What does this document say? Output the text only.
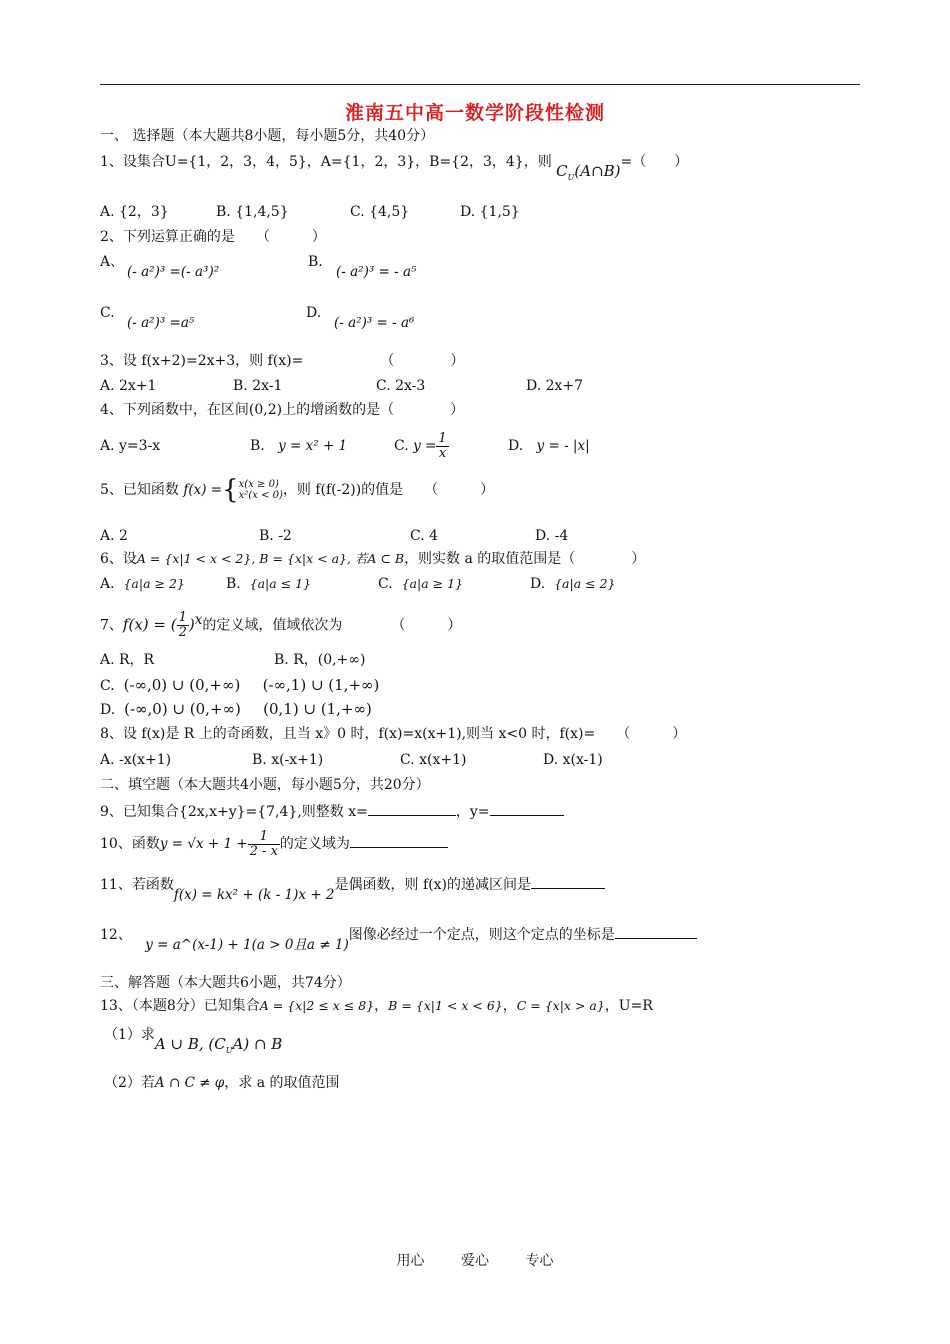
淮南五中高一数学阶段性检测
一、 选择题（本大题共8小题，每小题5分，共40分）
1、设集合U={1，2，3，4，5}，A={1，2，3}，B={2，3，4}，则 $C_U(A\cap B)=$（　　）
A. {2，3}	B. {1,4,5}	C. {4,5}	D. {1,5}
2、下列运算正确的是　　（　　　）
A、
(- a²)³ =(- a³)²
B.
(- a²)³ = - a⁵
C.
(- a²)³ =a⁵
D.
(- a²)³ = - a⁶
3、设 f(x+2)=2x+3，则 f(x)=　　　　　　（　　　　）
A. 2x+1	B. 2x-1	C. 2x-3	D. 2x+7
4、下列函数中，在区间(0,2)上的增函数的是（　　　　）
A. y=3-x	B. y = x² + 1	C. $y = \frac{1}{x}$	D. y = - |x|
5、已知函数 f(x) ={ x(x ≥ 0)
x²(x < 0) ，则 f(f(-2))的值是　　（　　　）
A. 2	B. -2	C. 4	D. -4
6、设A = {x|1 < x < 2}, B = {x|x < a}, 若A ⊂ B，则实数 a 的取值范围是（　　　　）
A. {a|a ≥ 2}	B. {a|a ≤ 1}	C. {a|a ≥ 1}	D. {a|a ≤ 2}
7、f(x) = ( $\frac{1}{2} )^x$的定义域，值域依次为　　　　（　　　）
A. R，R	B. R，(0,+∞)
C. (-∞,0) ∪ (0,+∞) (-∞,1) ∪ (1,+∞)
D. (-∞,0) ∪ (0,+∞) (0,1) ∪ (1,+∞)
8、设 f(x)是 R 上的奇函数，且当 x》0 时，f(x)=x(x+1),则当 x<0 时，f(x)=　　（　　　）
A. -x(x+1)	B. x(-x+1)	C. x(x+1)	D. x(x-1)
二、填空题（本大题共4小题，每小题5分，共20分）
9、已知集合{2x,x+y}={7,4},则整数 x=	，y=
10、函数$y = √x + 1 + \frac{1}{2 - x}$ 的定义域为
11、若函数f(x) = kx² + (k - 1)x + 2是偶函数，则 f(x)的递减区间是
12、   y = a^(x-1) + 1(a > 0且a ≠ 1)图像必经过一个定点，则这个定点的坐标是
三、解答题（本大题共6小题，共74分）
13、（本题8分）已知集合A = {x|2 ≤ x ≤ 8}，B = {x|1 < x < 6}，C = {x|x > a}，U=R
（1）求A ∪ B, $(C_UA)$ ∩ B
（2）若A ∩ C ≠ φ，求 a 的取值范围
用心	爱心	专心
